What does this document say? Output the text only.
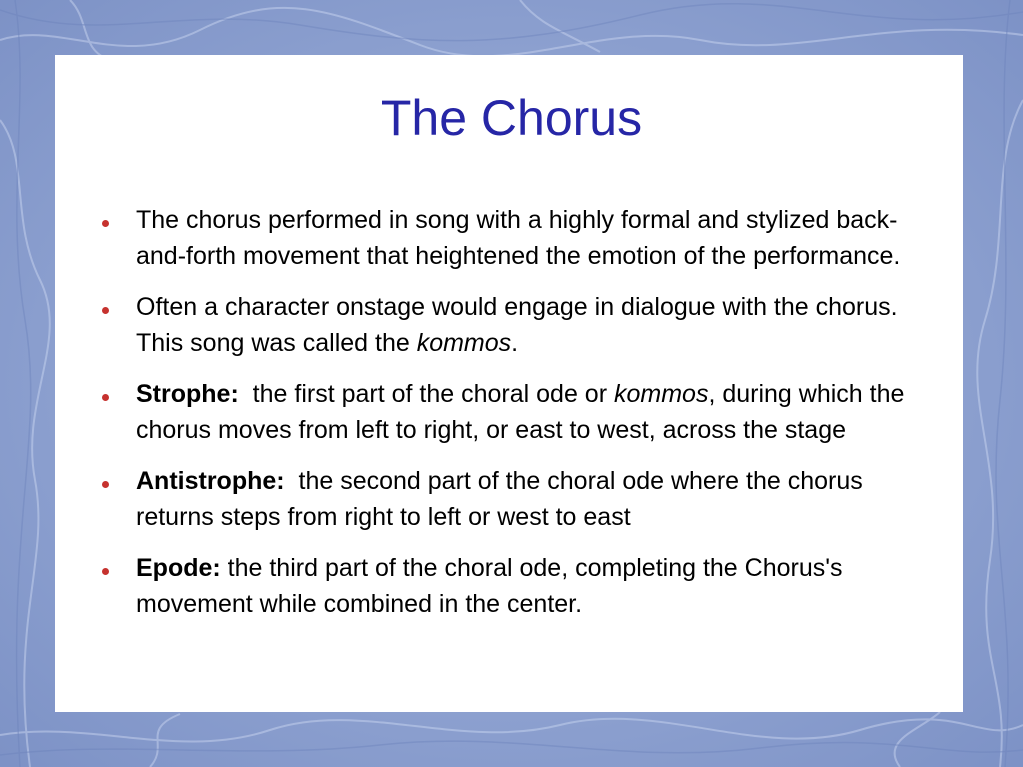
The Chorus
The chorus performed in song with a highly formal and stylized back-and-forth movement that heightened the emotion of the performance.
Often a character onstage would engage in dialogue with the chorus. This song was called the kommos.
Strophe:  the first part of the choral ode or kommos, during which the chorus moves from left to right, or east to west, across the stage
Antistrophe:  the second part of the choral ode where the chorus returns steps from right to left or west to east
Epode: the third part of the choral ode, completing the Chorus's movement while combined in the center.
